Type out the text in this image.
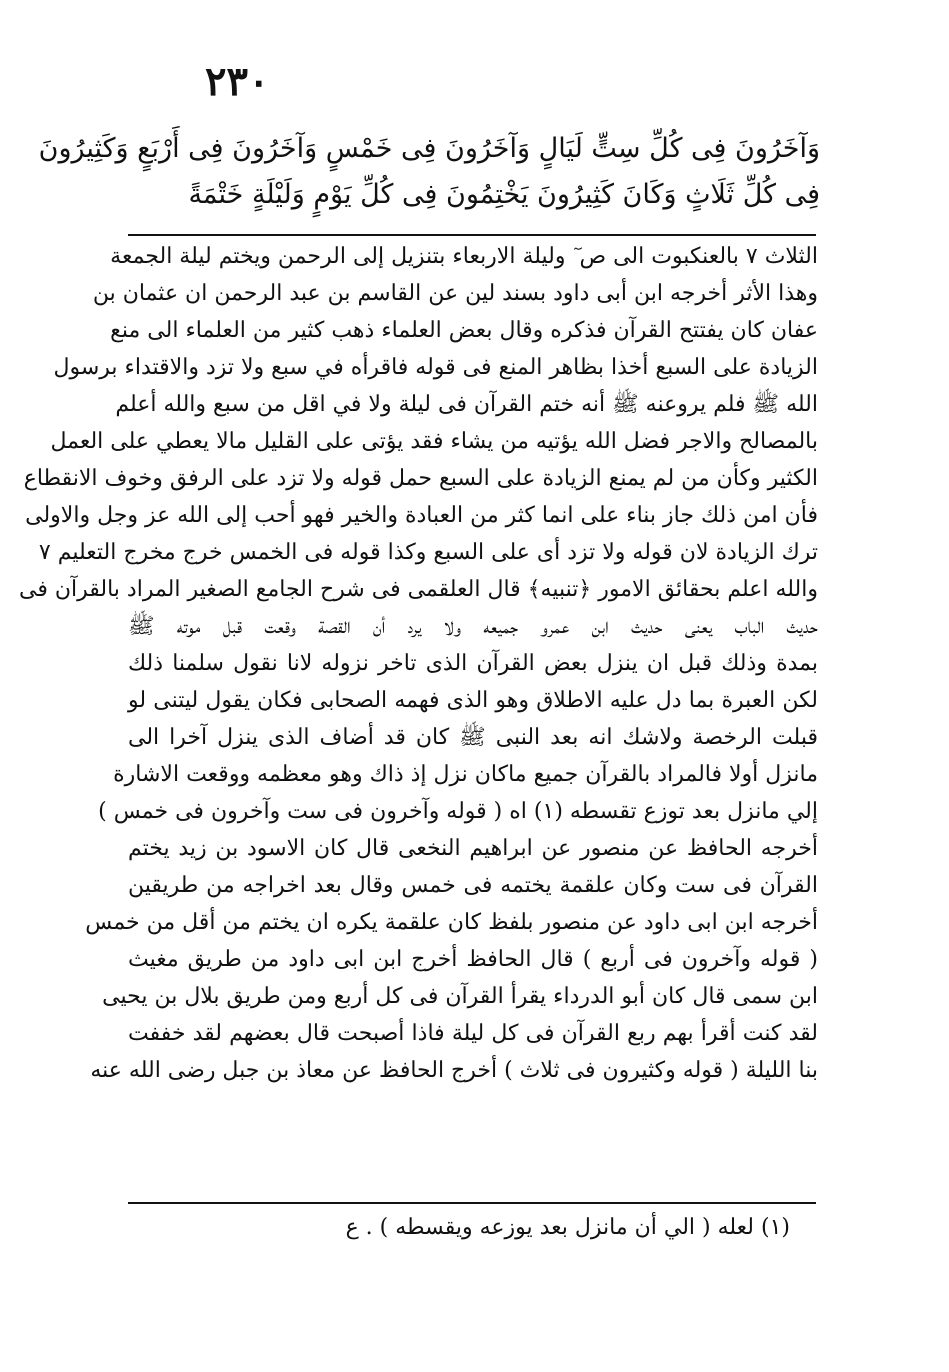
٢٣٠
وَآخَرُونَ فِى كُلِّ سِتٍّ لَيَالٍ وَآخَرُونَ فِى خَمْسٍ وَآخَرُونَ فِى أَرْبَعٍ وَكَثِيرُونَ
فِى كُلِّ ثَلَاثٍ وَكَانَ كَثِيرُونَ يَخْتِمُونَ فِى كُلِّ يَوْمٍ وَلَيْلَةٍ خَتْمَةً
الثلاث ٧ بالعنكبوت الى ص ٓ وليلة الاربعاء بتنزيل إلى الرحمن ويختم ليلة الجمعة
وهذا الأثر أخرجه ابن أبى داود بسند لين عن القاسم بن عبد الرحمن ان عثمان بن
عفان كان يفتتح القرآن فذكره وقال بعض العلماء ذهب كثير من العلماء الى منع
الزيادة على السبع أخذا بظاهر المنع فى قوله فاقرأه في سبع ولا تزد والاقتداء برسول
الله ﷺ فلم يروعنه ﷺ أنه ختم القرآن فى ليلة ولا في اقل من سبع والله أعلم
بالمصالح والاجر فضل الله يؤتيه من يشاء فقد يؤتى على القليل مالا يعطي على العمل
الكثير وكأن من لم يمنع الزيادة على السبع حمل قوله ولا تزد على الرفق وخوف الانقطاع
فأن امن ذلك جاز بناء على انما كثر من العبادة والخير فهو أحب إلى الله عز وجل والاولى
ترك الزيادة لان قوله ولا تزد أى على السبع وكذا قوله فى الخمس خرج مخرج التعليم ٧
والله اعلم بحقائق الامور ﴿تنبيه﴾ قال العلقمى فى شرح الجامع الصغير المراد بالقرآن فى
حديث الباب يعنى حديث ابن عمرو جميعه ولا يرد أن القصة وقعت قبل موته ﷺ
بمدة وذلك قبل ان ينزل بعض القرآن الذى تاخر نزوله لانا نقول سلمنا ذلك
لكن العبرة بما دل عليه الاطلاق وهو الذى فهمه الصحابى فكان يقول ليتنى لو
قبلت الرخصة ولاشك انه بعد النبى ﷺ كان قد أضاف الذى ينزل آخرا الى
مانزل أولا فالمراد بالقرآن جميع ماكان نزل إذ ذاك وهو معظمه ووقعت الاشارة
إلي مانزل بعد توزع تقسطه (١) اه ( قوله وآخرون فى ست وآخرون فى خمس )
أخرجه الحافظ عن منصور عن ابراهيم النخعى قال كان الاسود بن زيد يختم
القرآن فى ست وكان علقمة يختمه فى خمس وقال بعد اخراجه من طريقين
أخرجه ابن ابى داود عن منصور بلفظ كان علقمة يكره ان يختم من أقل من خمس
( قوله وآخرون فى أربع ) قال الحافظ أخرج ابن ابى داود من طريق مغيث
ابن سمى قال كان أبو الدرداء يقرأ القرآن فى كل أربع ومن طريق بلال بن يحيى
لقد كنت أقرأ بهم ربع القرآن فى كل ليلة فاذا أصبحت قال بعضهم لقد خففت
بنا الليلة ( قوله وكثيرون فى ثلاث ) أخرج الحافظ عن معاذ بن جبل رضى الله عنه
(١) لعله ( الي أن مانزل بعد يوزعه ويقسطه ) . ع
